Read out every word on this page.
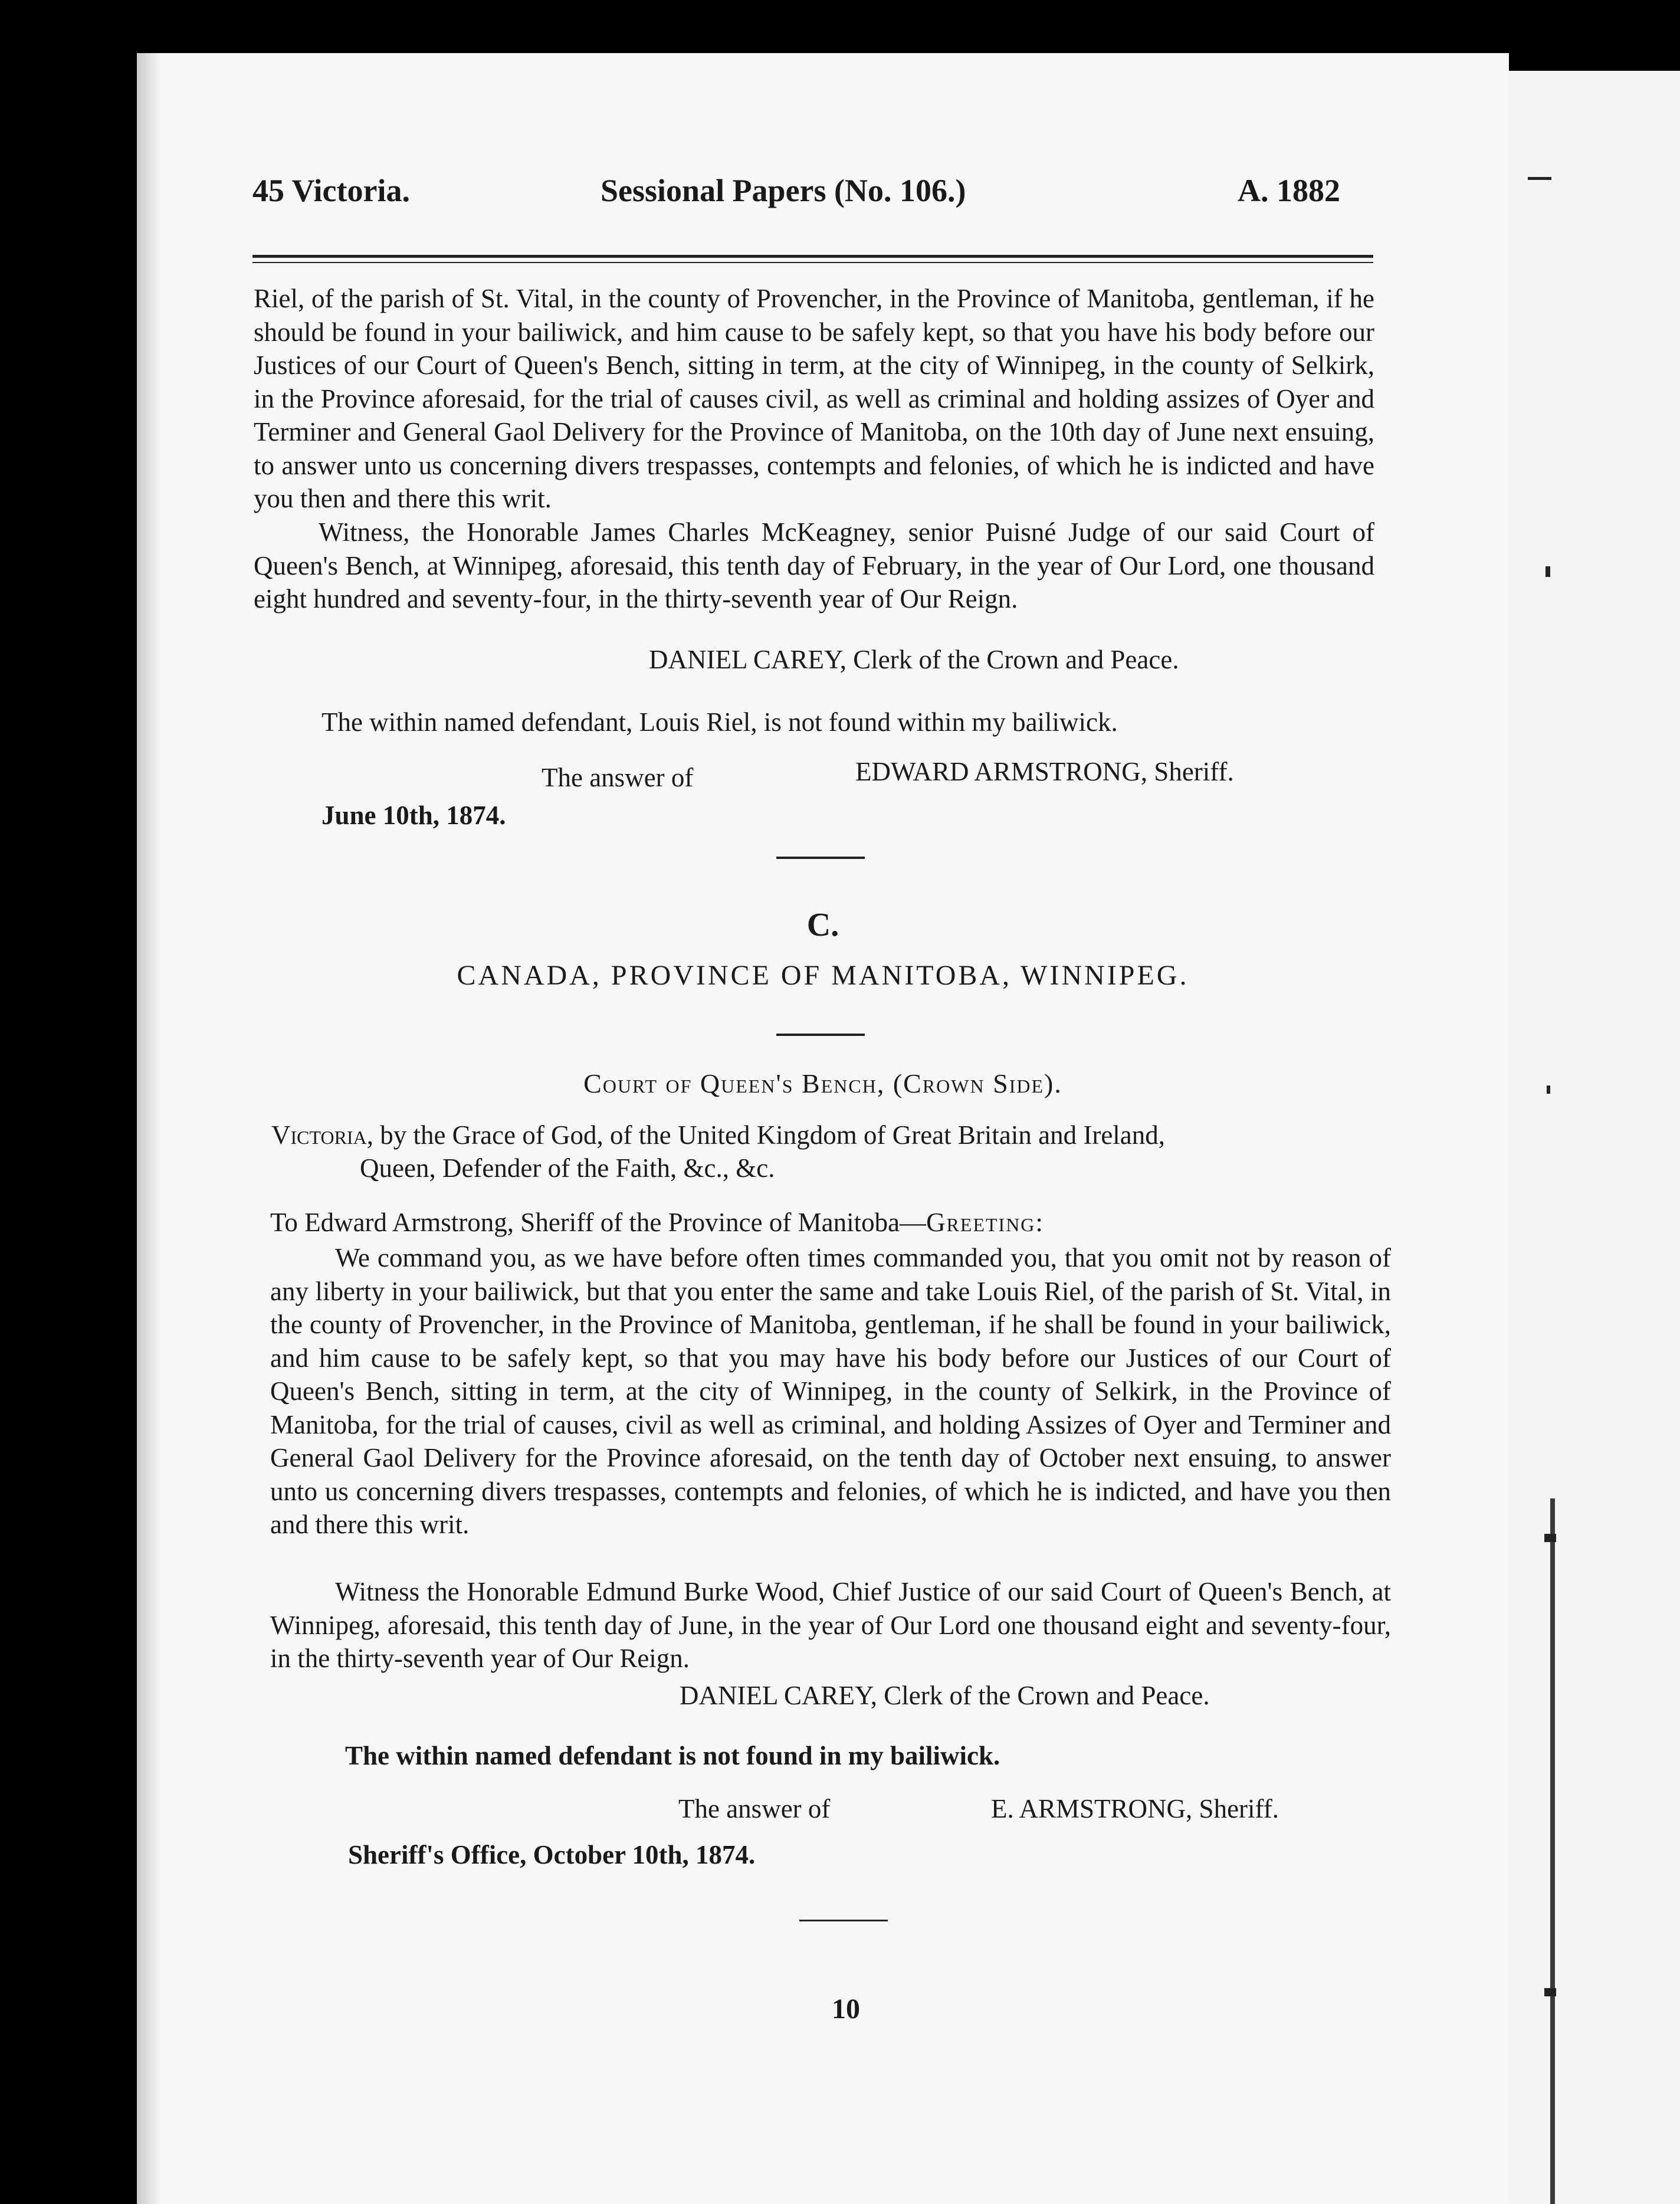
45 Victoria.	Sessional Papers (No. 106.)	A. 1882

Riel, of the parish of St. Vital, in the county of Provencher, in the Province of Manitoba, gentleman, if he should be found in your bailiwick, and him cause to be safely kept, so that you have his body before our Justices of our Court of Queen's Bench, sitting in term, at the city of Winnipeg, in the county of Selkirk, in the Province aforesaid, for the trial of causes civil, as well as criminal and holding assizes of Oyer and Terminer and General Gaol Delivery for the Province of Manitoba, on the 10th day of June next ensuing, to answer unto us concerning divers trespasses, contempts and felonies, of which he is indicted and have you then and there this writ.

Witness, the Honorable James Charles McKeagney, senior Puisné Judge of our said Court of Queen's Bench, at Winnipeg, aforesaid, this tenth day of February, in the year of Our Lord, one thousand eight hundred and seventy-four, in the thirty-seventh year of Our Reign.

DANIEL CAREY, Clerk of the Crown and Peace.
The within named defendant, Louis Riel, is not found within my bailiwick.
The answer of	EDWARD ARMSTRONG, Sheriff.
June 10th, 1874.
C.
CANADA, PROVINCE OF MANITOBA, WINNIPEG.
Court of Queen's Bench, (Crown Side).
Victoria, by the Grace of God, of the United Kingdom of Great Britain and Ireland,
Queen, Defender of the Faith, &c., &c.
To Edward Armstrong, Sheriff of the Province of Manitoba—Greeting:

We command you, as we have before often times commanded you, that you omit not by reason of any liberty in your bailiwick, but that you enter the same and take Louis Riel, of the parish of St. Vital, in the county of Provencher, in the Province of Manitoba, gentleman, if he shall be found in your bailiwick, and him cause to be safely kept, so that you may have his body before our Justices of our Court of Queen's Bench, sitting in term, at the city of Winnipeg, in the county of Selkirk, in the Province of Manitoba, for the trial of causes, civil as well as criminal, and holding Assizes of Oyer and Terminer and General Gaol Delivery for the Province aforesaid, on the tenth day of October next ensuing, to answer unto us concerning divers trespasses, contempts and felonies, of which he is indicted, and have you then and there this writ.

Witness the Honorable Edmund Burke Wood, Chief Justice of our said Court of Queen's Bench, at Winnipeg, aforesaid, this tenth day of June, in the year of Our Lord one thousand eight and seventy-four, in the thirty-seventh year of Our Reign.

DANIEL CAREY, Clerk of the Crown and Peace.
The within named defendant is not found in my bailiwick.
The answer of	E. ARMSTRONG, Sheriff.
Sheriff's Office, October 10th, 1874.
10
